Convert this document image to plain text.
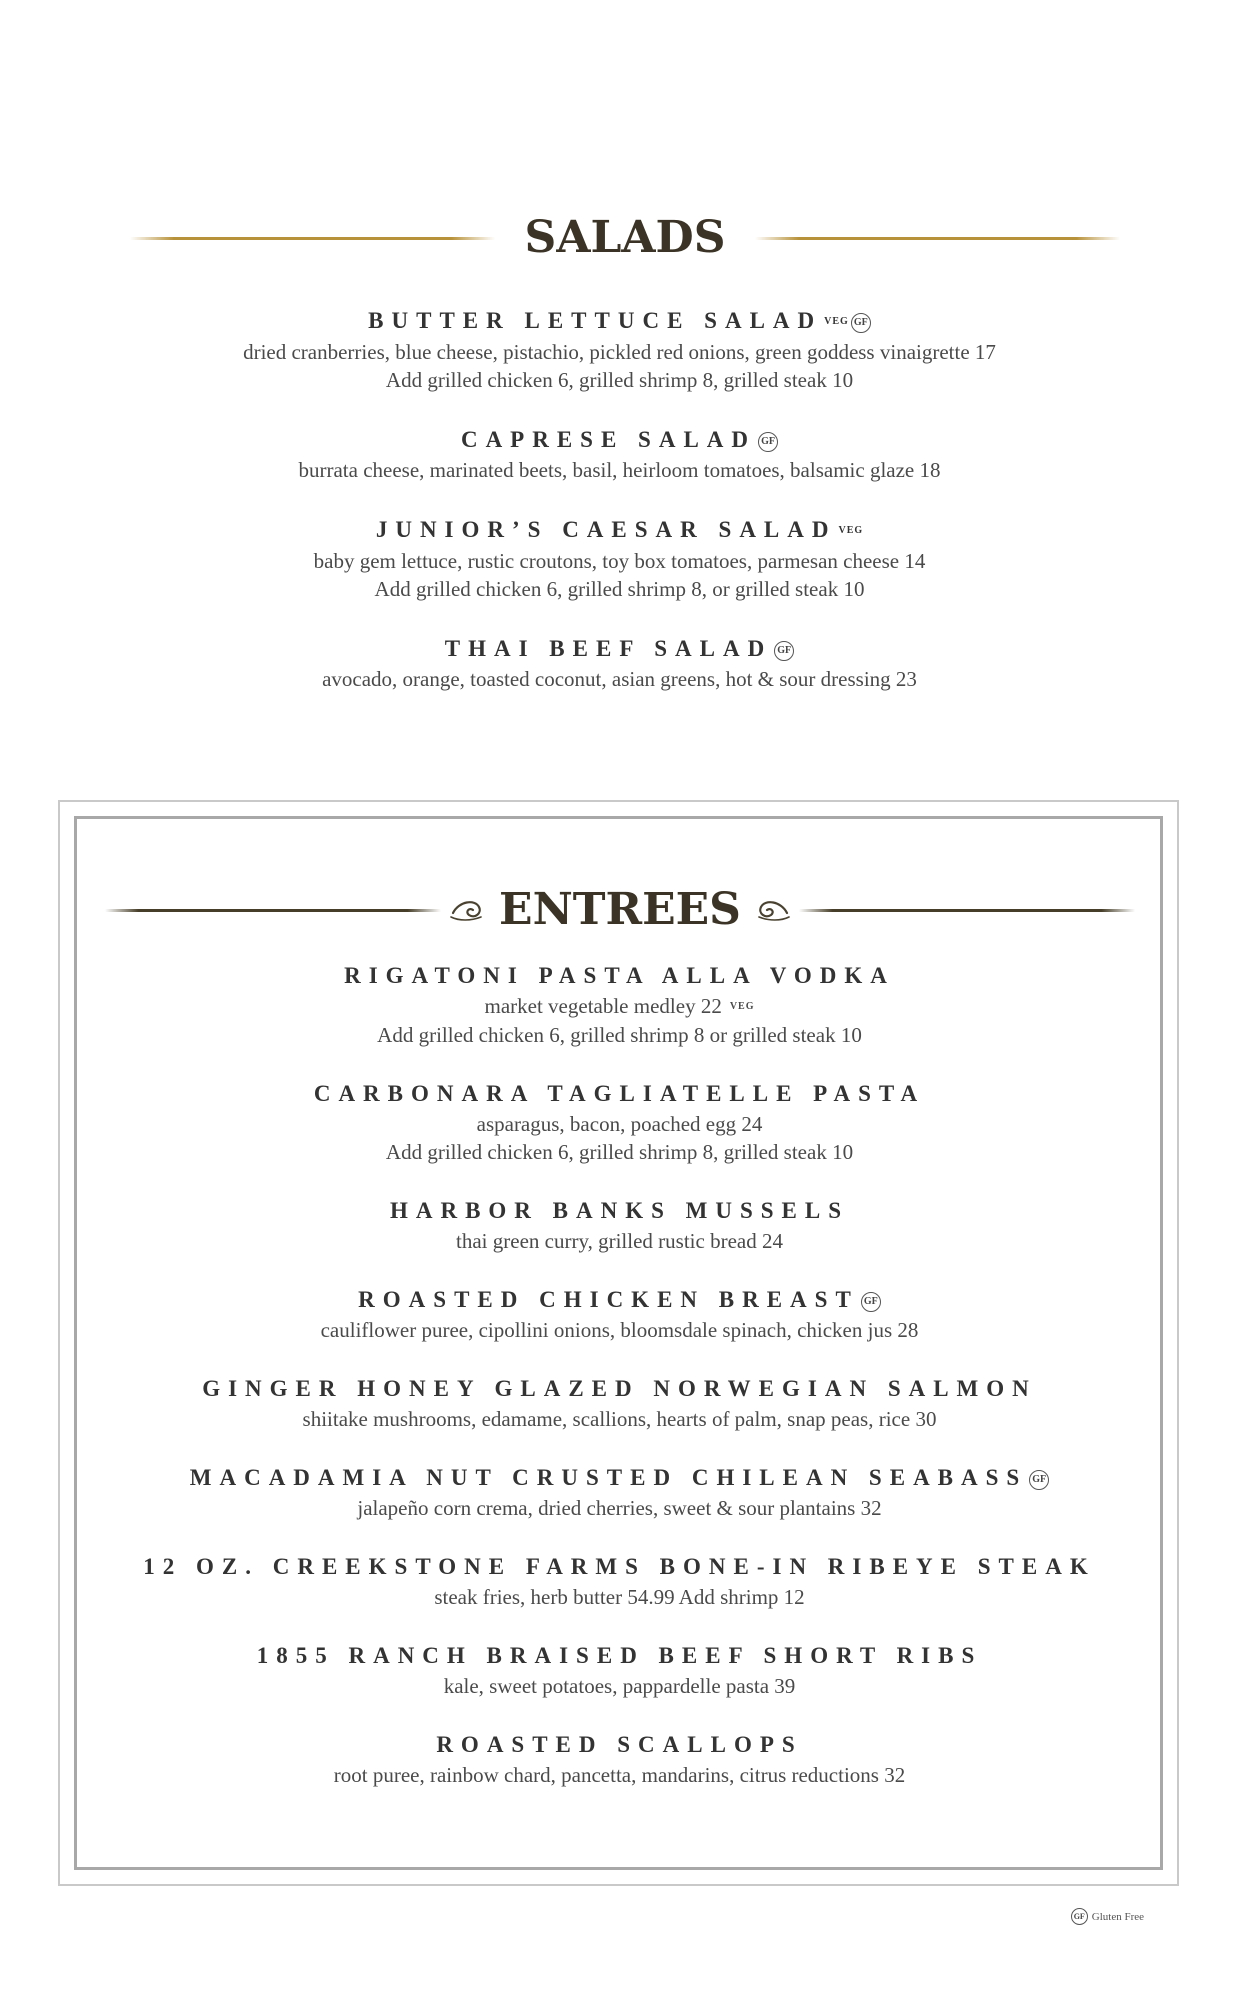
SALADS
BUTTER LETTUCE SALAD VEG GF
dried cranberries, blue cheese, pistachio, pickled red onions, green goddess vinaigrette 17
Add grilled chicken 6, grilled shrimp 8, grilled steak 10
CAPRESE SALAD GF
burrata cheese, marinated beets, basil, heirloom tomatoes, balsamic glaze 18
JUNIOR’S CAESAR SALAD VEG
baby gem lettuce, rustic croutons, toy box tomatoes, parmesan cheese 14
Add grilled chicken 6, grilled shrimp 8, or grilled steak 10
THAI BEEF SALAD GF
avocado, orange, toasted coconut, asian greens, hot & sour dressing 23
ENTREES
RIGATONI PASTA ALLA VODKA
market vegetable medley 22 VEG
Add grilled chicken 6, grilled shrimp 8 or grilled steak 10
CARBONARA TAGLIATELLE PASTA
asparagus, bacon, poached egg 24
Add grilled chicken 6, grilled shrimp 8, grilled steak 10
HARBOR BANKS MUSSELS
thai green curry, grilled rustic bread 24
ROASTED CHICKEN BREAST GF
cauliflower puree, cipollini onions, bloomsdale spinach, chicken jus 28
GINGER HONEY GLAZED NORWEGIAN SALMON
shiitake mushrooms, edamame, scallions, hearts of palm, snap peas, rice 30
MACADAMIA NUT CRUSTED CHILEAN SEABASS GF
jalapeño corn crema, dried cherries, sweet & sour plantains 32
12 OZ. CREEKSTONE FARMS BONE-IN RIBEYE STEAK
steak fries, herb butter 54.99 Add shrimp 12
1855 RANCH BRAISED BEEF SHORT RIBS
kale, sweet potatoes, pappardelle pasta 39
ROASTED SCALLOPS
root puree, rainbow chard, pancetta, mandarins, citrus reductions 32
GF Gluten Free
